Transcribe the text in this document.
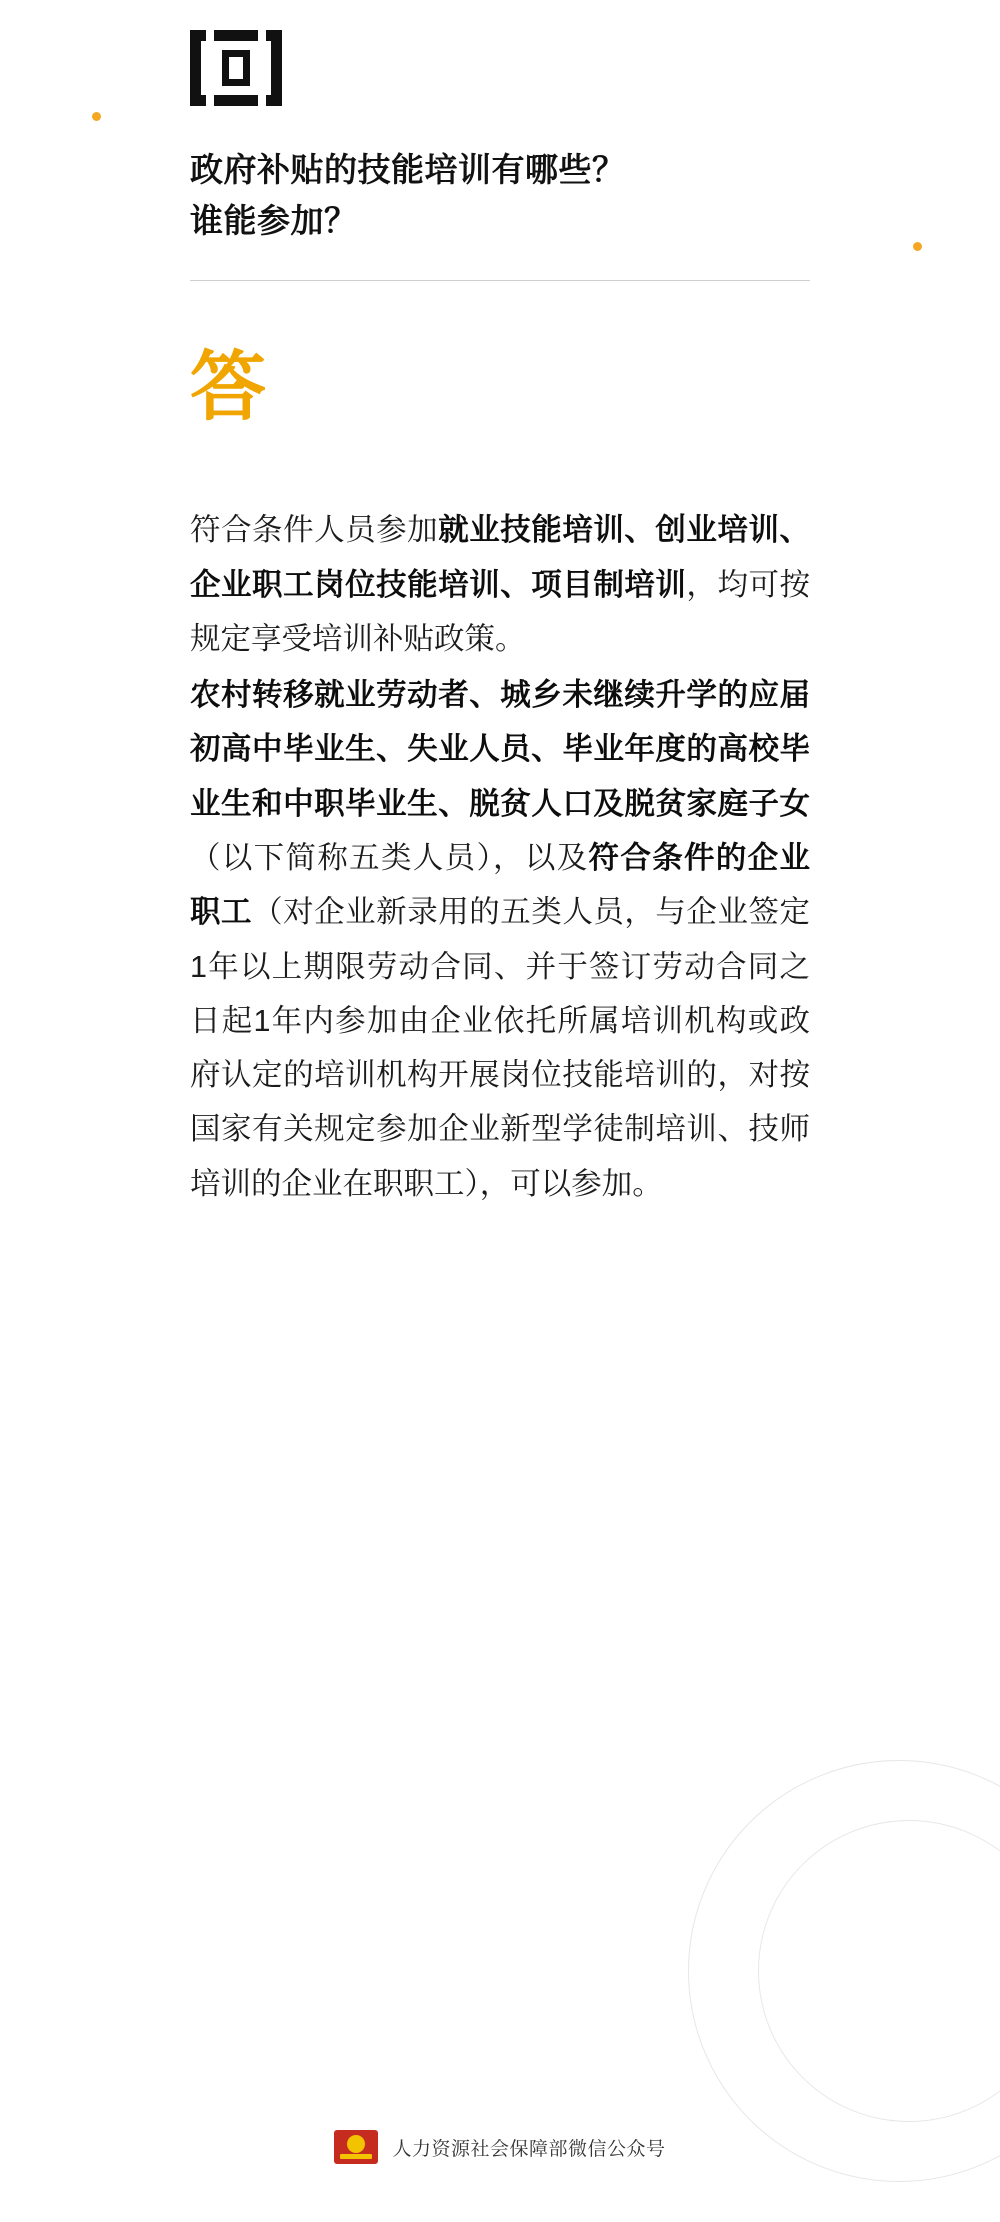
政府补贴的技能培训有哪些？
谁能参加？
答

符合条件人员参加就业技能培训、创业培训、企业职工岗位技能培训、项目制培训，均可按规定享受培训补贴政策。

农村转移就业劳动者、城乡未继续升学的应届初高中毕业生、失业人员、毕业年度的高校毕业生和中职毕业生、脱贫人口及脱贫家庭子女（以下简称五类人员），以及符合条件的企业职工（对企业新录用的五类人员，与企业签定1年以上期限劳动合同、并于签订劳动合同之日起1年内参加由企业依托所属培训机构或政府认定的培训机构开展岗位技能培训的，对按国家有关规定参加企业新型学徒制培训、技师培训的企业在职职工），可以参加。

人力资源社会保障部微信公众号
